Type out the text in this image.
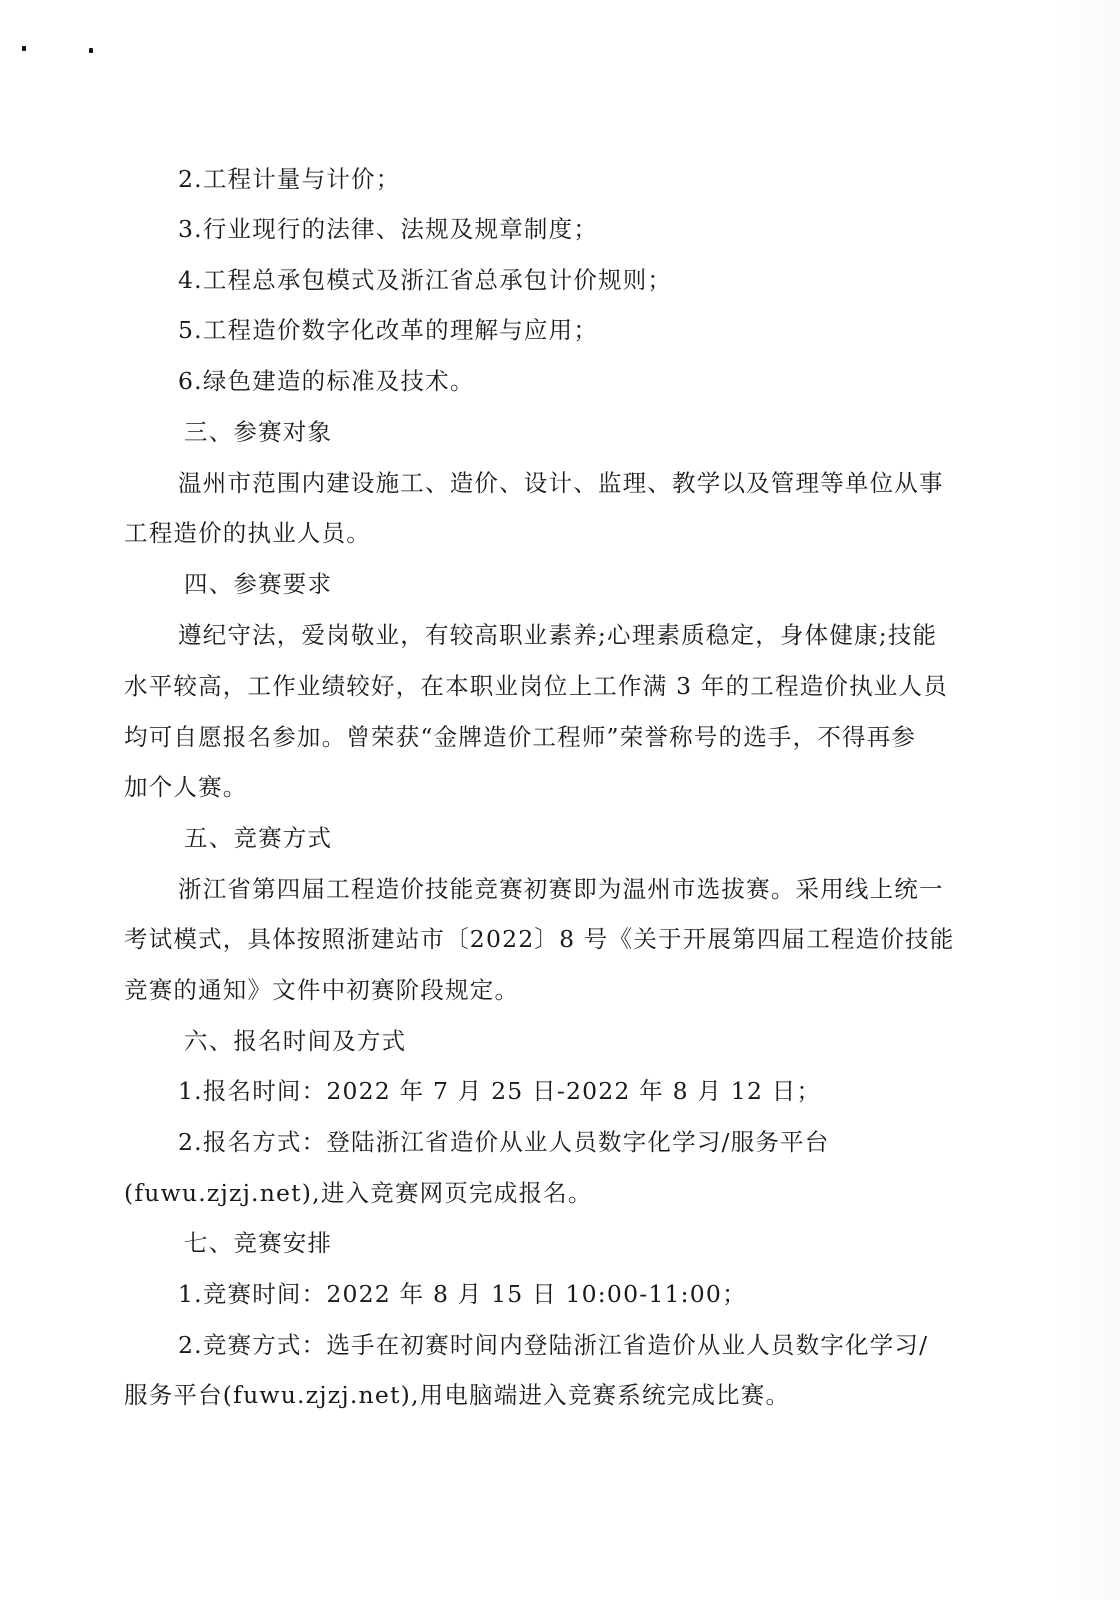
2.工程计量与计价；
3.行业现行的法律、法规及规章制度；
4.工程总承包模式及浙江省总承包计价规则；
5.工程造价数字化改革的理解与应用；
6.绿色建造的标准及技术。
三、参赛对象
温州市范围内建设施工、造价、设计、监理、教学以及管理等单位从事
工程造价的执业人员。
四、参赛要求
遵纪守法，爱岗敬业，有较高职业素养;心理素质稳定，身体健康;技能
水平较高，工作业绩较好，在本职业岗位上工作满 3 年的工程造价执业人员
均可自愿报名参加。曾荣获“金牌造价工程师”荣誉称号的选手，不得再参
加个人赛。
五、竞赛方式
浙江省第四届工程造价技能竞赛初赛即为温州市选拔赛。采用线上统一
考试模式，具体按照浙建站市〔2022〕8 号《关于开展第四届工程造价技能
竞赛的通知》文件中初赛阶段规定。
六、报名时间及方式
1.报名时间：2022 年 7 月 25 日-2022 年 8 月 12 日；
2.报名方式：登陆浙江省造价从业人员数字化学习/服务平台
(fuwu.zjzj.net),进入竞赛网页完成报名。
七、竞赛安排
1.竞赛时间：2022 年 8 月 15 日 10:00-11:00；
2.竞赛方式：选手在初赛时间内登陆浙江省造价从业人员数字化学习/
服务平台(fuwu.zjzj.net),用电脑端进入竞赛系统完成比赛。
